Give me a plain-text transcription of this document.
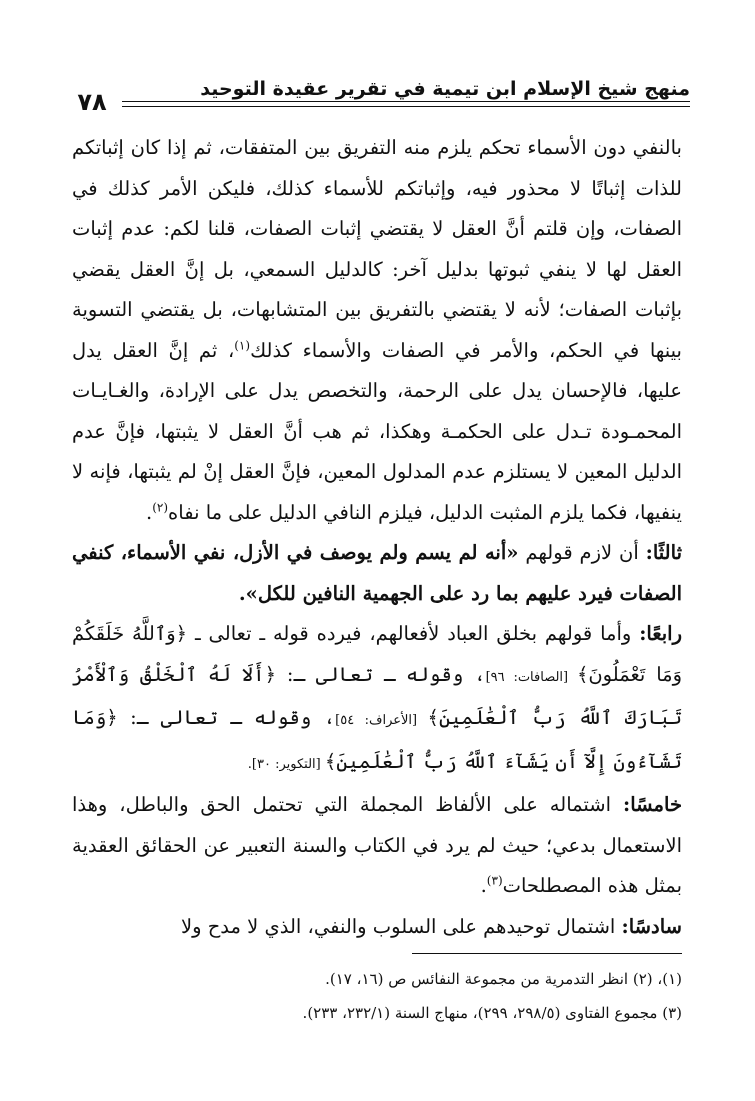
منهج شيخ الإسلام ابن تيمية في تقرير عقيدة التوحيد
٧٨

بالنفي دون الأسماء تحكم يلزم منه التفريق بين المتفقات، ثم إذا كان إثباتكم للذات إثباتًا لا محذور فيه، وإثباتكم للأسماء كذلك، فليكن الأمر كذلك في الصفات، وإن قلتم أنَّ العقل لا يقتضي إثبات الصفات، قلنا لكم: عدم إثبات العقل لها لا ينفي ثبوتها بدليل آخر: كالدليل السمعي، بل إنَّ العقل يقضي بإثبات الصفات؛ لأنه لا يقتضي بالتفريق بين المتشابهات، بل يقتضي التسوية بينها في الحكم، والأمر في الصفات والأسماء كذلك$^{(١)}$، ثم إنَّ العقل يدل عليها، فالإحسان يدل على الرحمة، والتخصص يدل على الإرادة، والغـايـات المحمـودة تـدل على الحكمـة وهكذا، ثم هب أنَّ العقل لا يثبتها، فإنَّ عدم الدليل المعين لا يستلزم عدم المدلول المعين، فإنَّ العقل إنْ لم يثبتها، فإنه لا ينفيها، فكما يلزم المثبت الدليل، فيلزم النافي الدليل على ما نفاه$^{(٢)}$.

ثالثًا: أن لازم قولهم «أنه لم يسم ولم يوصف في الأزل، نفي الأسماء، كنفي الصفات فيرد عليهم بما رد على الجهمية النافين للكل».

رابعًا: وأما قولهم بخلق العباد لأفعالهم، فيرده قوله ـ تعالى ـ ﴿وَٱللَّهُ خَلَقَكُمْ وَمَا تَعْمَلُونَ﴾ [الصافات: ٩٦]، وقوله ـ تعالى ـ: ﴿أَلَا لَهُ ٱلْخَلْقُ وَٱلْأَمْرُ تَبَارَكَ ٱللَّهُ رَبُّ ٱلْعَٰلَمِينَ﴾ [الأعراف: ٥٤]، وقوله ـ تعالى ـ: ﴿وَمَا تَشَآءُونَ إِلَّآ أَن يَشَآءَ ٱللَّهُ رَبُّ ٱلْعَٰلَمِينَ﴾ [التكوير: ٣٠].

خامسًا: اشتماله على الألفاظ المجملة التي تحتمل الحق والباطل، وهذا الاستعمال بدعي؛ حيث لم يرد في الكتاب والسنة التعبير عن الحقائق العقدية بمثل هذه المصطلحات$^{(٣)}$.

سادسًا: اشتمال توحيدهم على السلوب والنفي، الذي لا مدح ولا

(١)، (٢) انظر التدمرية من مجموعة النفائس ص (١٦، ١٧).

(٣) مجموع الفتاوى (٢٩٨/٥، ٢٩٩)، منهاج السنة (٢٣٢/١، ٢٣٣).
